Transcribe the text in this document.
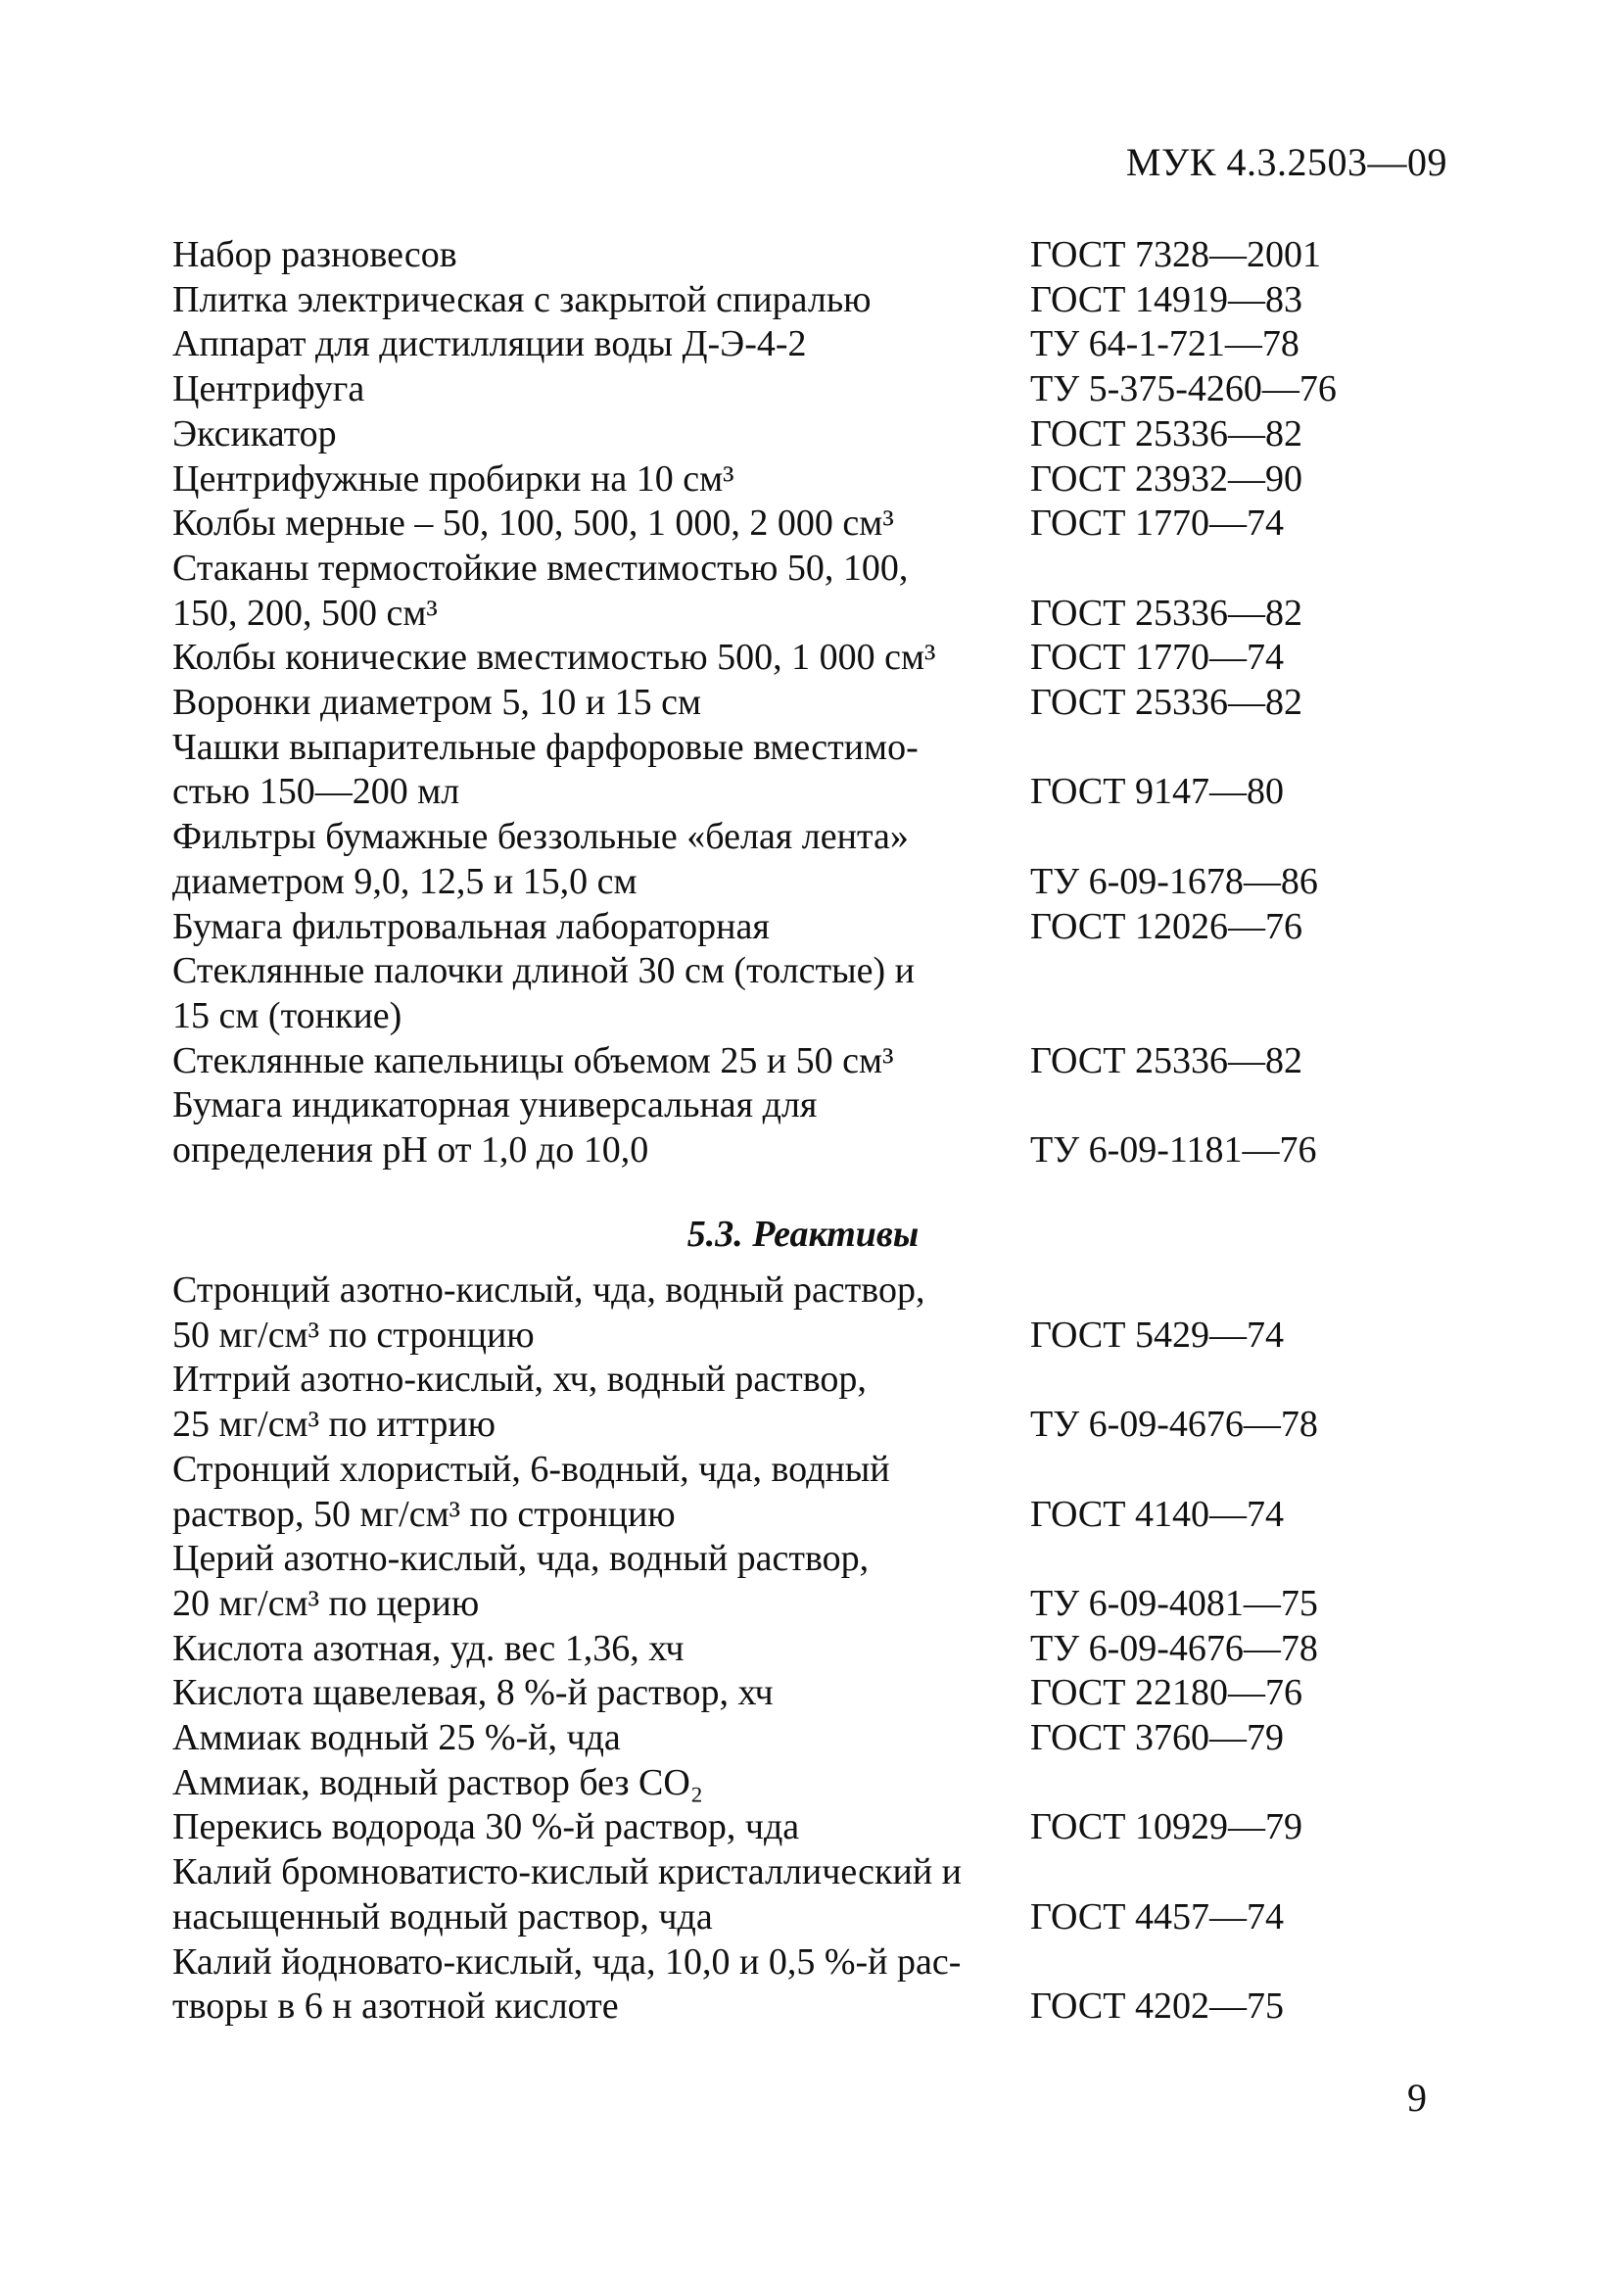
МУК 4.3.2503—09
Набор разновесов	ГОСТ 7328—2001
Плитка электрическая с закрытой спиралью	ГОСТ 14919—83
Аппарат для дистилляции воды Д-Э-4-2	ТУ 64-1-721—78
Центрифуга	ТУ 5-375-4260—76
Эксикатор	ГОСТ 25336—82
Центрифужные пробирки на 10 см³	ГОСТ 23932—90
Колбы мерные – 50, 100, 500, 1 000, 2 000 см³	ГОСТ 1770—74
Стаканы термостойкие вместимостью 50, 100,
150, 200, 500 см³	ГОСТ 25336—82
Колбы конические вместимостью 500, 1 000 см³	ГОСТ 1770—74
Воронки диаметром 5, 10 и 15 см	ГОСТ 25336—82
Чашки выпарительные фарфоровые вместимо-
стью 150—200 мл	ГОСТ 9147—80
Фильтры бумажные беззольные «белая лента»
диаметром 9,0, 12,5 и 15,0 см	ТУ 6-09-1678—86
Бумага фильтровальная лабораторная	ГОСТ 12026—76
Стеклянные палочки длиной 30 см (толстые) и
15 см (тонкие)
Стеклянные капельницы объемом 25 и 50 см³	ГОСТ 25336—82
Бумага индикаторная универсальная для
определения pH от 1,0 до 10,0	ТУ 6-09-1181—76
5.3. Реактивы
Стронций азотно-кислый, чда, водный раствор,
50 мг/см³ по стронцию	ГОСТ 5429—74
Иттрий азотно-кислый, хч, водный раствор,
25 мг/см³ по иттрию	ТУ 6-09-4676—78
Стронций хлористый, 6-водный, чда, водный
раствор, 50 мг/см³ по стронцию	ГОСТ 4140—74
Церий азотно-кислый, чда, водный раствор,
20 мг/см³ по церию	ТУ 6-09-4081—75
Кислота азотная, уд. вес 1,36, хч	ТУ 6-09-4676—78
Кислота щавелевая, 8 %-й раствор, хч	ГОСТ 22180—76
Аммиак водный 25 %-й, чда	ГОСТ 3760—79
Аммиак, водный раствор без CO₂
Перекись водорода 30 %-й раствор, чда	ГОСТ 10929—79
Калий бромноватисто-кислый кристаллический и
насыщенный водный раствор, чда	ГОСТ 4457—74
Калий йодновато-кислый, чда, 10,0 и 0,5 %-й рас-
творы в 6 н азотной кислоте	ГОСТ 4202—75
9
